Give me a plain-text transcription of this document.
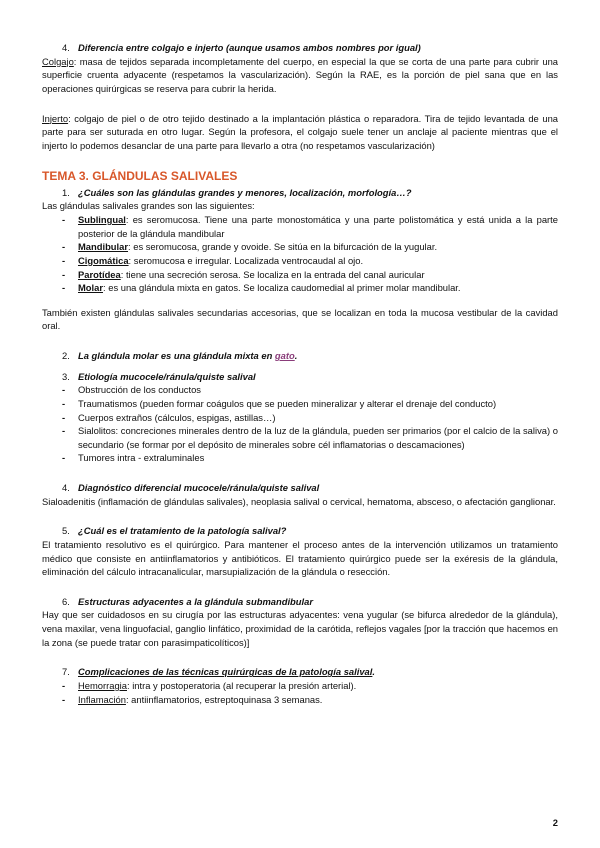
4. Diferencia entre colgajo e injerto (aunque usamos ambos nombres por igual)

Colgajo: masa de tejidos separada incompletamente del cuerpo, en especial la que se corta de una parte para cubrir una superficie cruenta adyacente (respetamos la vascularización). Según la RAE, es la porción de piel sana que en las operaciones quirúrgicas se reserva para cubrir la herida.

Injerto: colgajo de piel o de otro tejido destinado a la implantación plástica o reparadora. Tira de tejido levantada de una parte para ser suturada en otro lugar. Según la profesora, el colgajo suele tener un anclaje al paciente mientras que el injerto lo podemos desanclar de una parte para llevarlo a otra (no respetamos vascularización)

TEMA 3. GLÁNDULAS SALIVALES

1. ¿Cuáles son las glándulas grandes y menores, localización, morfología…?

Las glándulas salivales grandes son las siguientes:

-	Sublingual: es seromucosa. Tiene una parte monostomática y una parte polistomática y está unida a la parte posterior de la glándula mandibular
-	Mandibular: es seromucosa, grande y ovoide. Se sitúa en la bifurcación de la yugular.
-	Cigomática: seromucosa e irregular. Localizada ventrocaudal al ojo.
-	Parotídea: tiene una secreción serosa. Se localiza en la entrada del canal auricular
-	Molar: es una glándula mixta en gatos. Se localiza caudomedial al primer molar mandibular.

También existen glándulas salivales secundarias accesorias, que se localizan en toda la mucosa vestibular de la cavidad oral.

2. La glándula molar es una glándula mixta en gato.
3. Etiología mucocele/ránula/quiste salival
-	Obstrucción de los conductos
-	Traumatismos (pueden formar coágulos que se pueden mineralizar y alterar el drenaje del conducto)
-	Cuerpos extraños (cálculos, espigas, astillas…)
-	Sialolitos: concreciones minerales dentro de la luz de la glándula, pueden ser primarios (por el calcio de la saliva) o secundario (se formar por el depósito de minerales sobre cél inflamatorias o descamaciones)
-	Tumores intra - extraluminales
4. Diagnóstico diferencial mucocele/ránula/quiste salival

Sialoadenitis (inflamación de glándulas salivales), neoplasia salival o cervical, hematoma, absceso, o afectación ganglionar.

5. ¿Cuál es el tratamiento de la patología salival?

El tratamiento resolutivo es el quirúrgico. Para mantener el proceso antes de la intervención utilizamos un tratamiento médico que consiste en antiinflamatorios y antibióticos. El tratamiento quirúrgico puede ser la exéresis de la glándula, eliminación del cálculo intracanalicular, marsupialización de la glándula o resección.

6. Estructuras adyacentes a la glándula submandibular

Hay que ser cuidadosos en su cirugía por las estructuras adyacentes: vena yugular (se bifurca alrededor de la glándula), vena maxilar, vena linguofacial, ganglio linfático, proximidad de la carótida, reflejos vagales [por la tracción que hacemos en la zona (se puede tratar con parasimpaticolíticos)]

7. Complicaciones de las técnicas quirúrgicas de la patología salival.
-	Hemorragia: intra y postoperatoria (al recuperar la presión arterial).
-	Inflamación: antiinflamatorios, estreptoquinasa 3 semanas.
2
